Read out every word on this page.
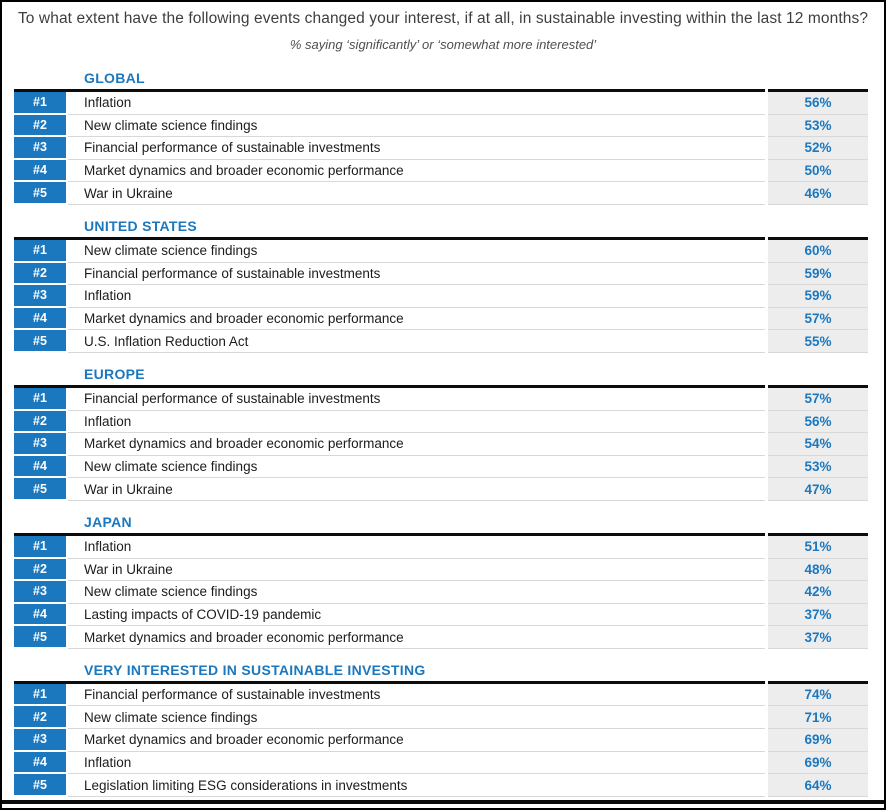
To what extent have the following events changed your interest, if at all, in sustainable investing within the last 12 months?
% saying ‘significantly’ or ‘somewhat more interested’
GLOBAL
#1	Inflation	56%
#2	New climate science findings	53%
#3	Financial performance of sustainable investments	52%
#4	Market dynamics and broader economic performance	50%
#5	War in Ukraine	46%
UNITED STATES
#1	New climate science findings	60%
#2	Financial performance of sustainable investments	59%
#3	Inflation	59%
#4	Market dynamics and broader economic performance	57%
#5	U.S. Inflation Reduction Act	55%
EUROPE
#1	Financial performance of sustainable investments	57%
#2	Inflation	56%
#3	Market dynamics and broader economic performance	54%
#4	New climate science findings	53%
#5	War in Ukraine	47%
JAPAN
#1	Inflation	51%
#2	War in Ukraine	48%
#3	New climate science findings	42%
#4	Lasting impacts of COVID-19 pandemic	37%
#5	Market dynamics and broader economic performance	37%
VERY INTERESTED IN SUSTAINABLE INVESTING
#1	Financial performance of sustainable investments	74%
#2	New climate science findings	71%
#3	Market dynamics and broader economic performance	69%
#4	Inflation	69%
#5	Legislation limiting ESG considerations in investments	64%
